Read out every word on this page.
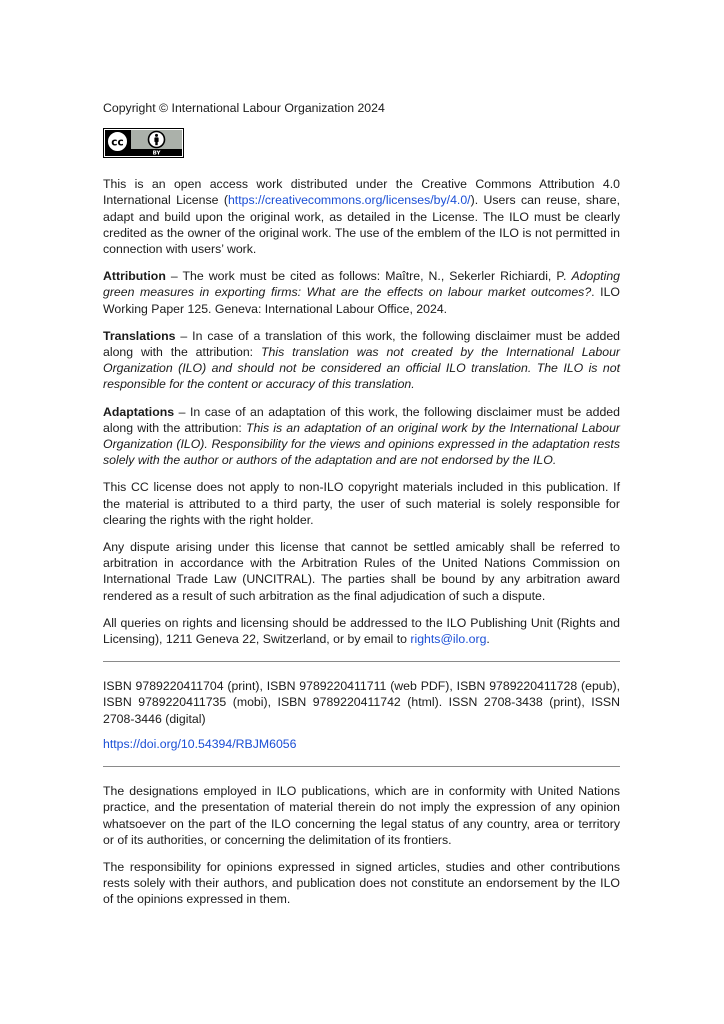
Copyright © International Labour Organization 2024

cc
BY

This is an open access work distributed under the Creative Commons Attribution 4.0 International License (https://creativecommons.org/licenses/by/4.0/). Users can reuse, share, adapt and build upon the original work, as detailed in the License. The ILO must be clearly credited as the owner of the original work. The use of the emblem of the ILO is not permitted in connection with users’ work.

Attribution – The work must be cited as follows: Maître, N., Sekerler Richiardi, P. Adopting green measures in exporting firms: What are the effects on labour market outcomes?. ILO Working Paper 125. Geneva: International Labour Office, 2024.

Translations – In case of a translation of this work, the following disclaimer must be added along with the attribution: This translation was not created by the International Labour Organization (ILO) and should not be considered an official ILO translation. The ILO is not responsible for the content or accuracy of this translation.

Adaptations – In case of an adaptation of this work, the following disclaimer must be added along with the attribution: This is an adaptation of an original work by the International Labour Organization (ILO). Responsibility for the views and opinions expressed in the adaptation rests solely with the author or authors of the adaptation and are not endorsed by the ILO.

This CC license does not apply to non-ILO copyright materials included in this publication. If the material is attributed to a third party, the user of such material is solely responsible for clearing the rights with the right holder.

Any dispute arising under this license that cannot be settled amicably shall be referred to arbitration in accordance with the Arbitration Rules of the United Nations Commission on International Trade Law (UNCITRAL). The parties shall be bound by any arbitration award rendered as a result of such arbitration as the final adjudication of such a dispute.

All queries on rights and licensing should be addressed to the ILO Publishing Unit (Rights and Licensing), 1211 Geneva 22, Switzerland, or by email to rights@ilo.org.

ISBN 9789220411704 (print), ISBN 9789220411711 (web PDF), ISBN 9789220411728 (epub), ISBN 9789220411735 (mobi), ISBN 9789220411742 (html). ISSN 2708-3438 (print), ISSN 2708-3446 (digital)

https://doi.org/10.54394/RBJM6056

The designations employed in ILO publications, which are in conformity with United Nations practice, and the presentation of material therein do not imply the expression of any opinion whatsoever on the part of the ILO concerning the legal status of any country, area or territory or of its authorities, or concerning the delimitation of its frontiers.

The responsibility for opinions expressed in signed articles, studies and other contributions rests solely with their authors, and publication does not constitute an endorsement by the ILO of the opinions expressed in them.
